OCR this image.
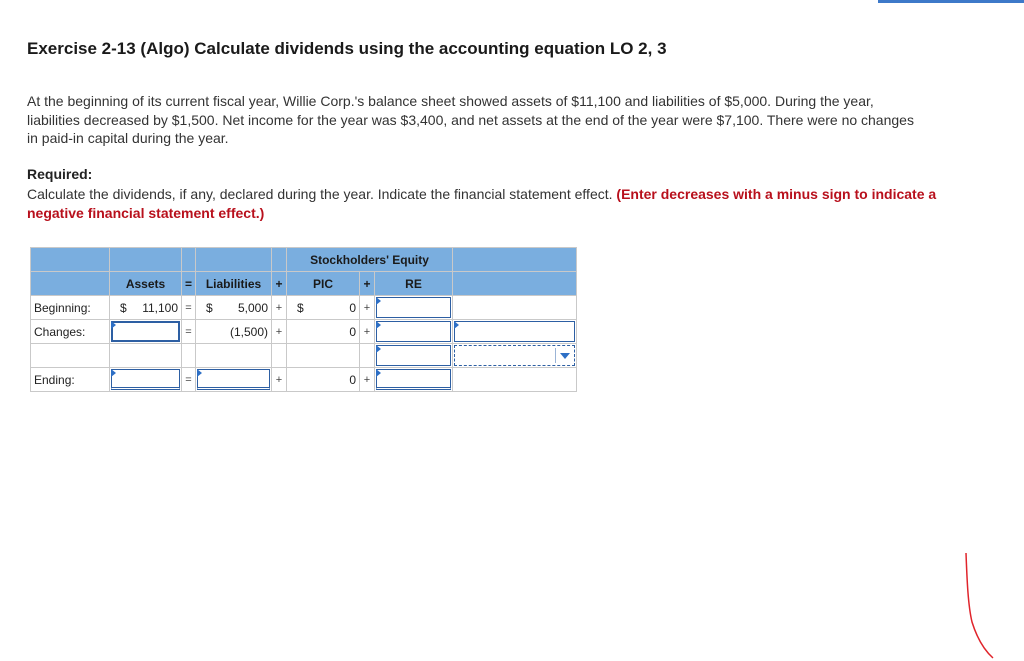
Exercise 2-13 (Algo) Calculate dividends using the accounting equation LO 2, 3

At the beginning of its current fiscal year, Willie Corp.'s balance sheet showed assets of $11,100 and liabilities of $5,000. During the year, liabilities decreased by $1,500. Net income for the year was $3,400, and net assets at the end of the year were $7,100. There were no changes in paid-in capital during the year.

Required:
Calculate the dividends, if any, declared during the year. Indicate the financial statement effect. (Enter decreases with a minus sign to indicate a negative financial statement effect.)
					Stockholders' Equity			
	Assets	=	Liabilities	+	PIC	+	RE	
Beginning:	$ 11,100	=	$ 5,000	+	$ 0	+	

Changes:		=	(1,500)	+	0	+	

Ending:		=		+	0	+	
